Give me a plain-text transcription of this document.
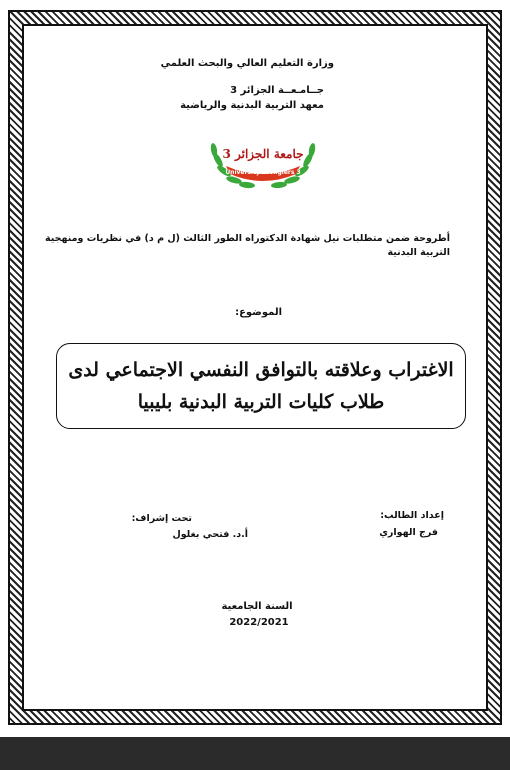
وزارة التعليم العالي والبحث العلمي
جــامـعــة الجزائر 3
معهد التربية البدنية والرياضية
جامعة الجزائر 3
University of Algiers 3
أطروحة ضمن متطلبات نيل شهادة الدكتوراه الطور الثالث (ل م د) في نظريات ومنهجية التربية البدنية
الموضوع:
الاغتراب وعلاقته بالتوافق النفسي الاجتماعي لدى
طلاب كليات التربية البدنية بليبيا
إعداد الطالب:
فرج الهواري
تحت إشراف:
أ.د. فتحي بغلول
السنة الجامعية
2022/2021
